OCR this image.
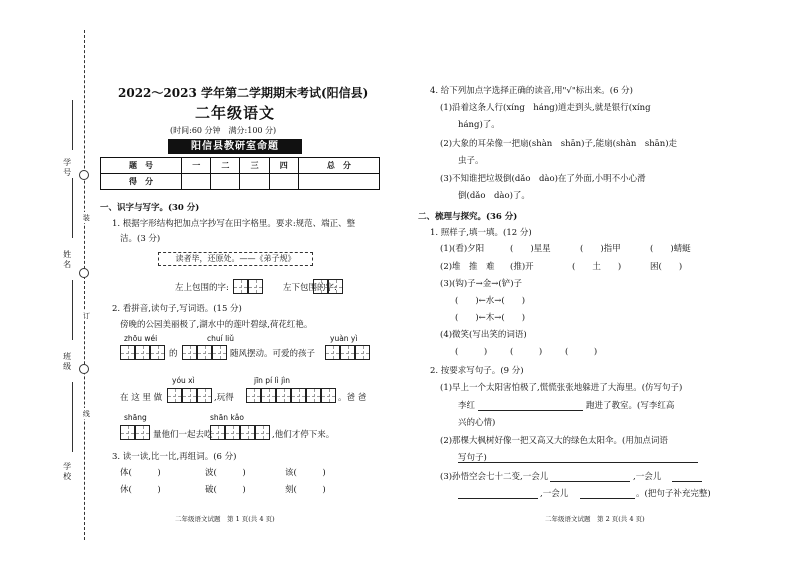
学号
姓名
班级
学校
装
订
线
2022～2023 学年第二学期期末考试(阳信县)
二年级语文
(时间:60 分钟　满分:100 分)
阳信县教研室命题
题　号	一	二	三	四	总　分
得　分					
一、识字与写字。(30 分)
1. 根据字形结构把加点字抄写在田字格里。要求:规范、端正、整
洁。(3 分)
读者毕，还原处。——《弟子规》
左上包围的字:	左下包围的字:
2. 看拼音,读句子,写词语。(15 分)
傍晚的公园美丽极了,湖水中的莲叶碧绿,荷花红艳。
zhōu wéi	chuí liǔ	yuàn yì
的	随风摆动。可爱的孩子
yóu xì	jīn pí lì jìn
在 这 里 做	,玩得	。爸 爸
shāng	shān kǎo
量他们一起去吃	,他们才停下来。
3. 读一读,比一比,再组词。(6 分)
体(　　　)	波(　　　)	该(　　　)
休(　　　)	破(　　　)	刻(　　　)
二年级语文试题　第 1 页(共 4 页)
4. 给下列加点字选择正确的读音,用"√"标出来。(6 分)
(1)沿着这条人行(xíng　háng)道走到头,就是银行(xíng
háng)了。
(2)大象的耳朵像一把扇(shàn　shān)子,能扇(shàn　shān)走
虫子。
(3)不知谁把垃圾倒(dǎo　dào)在了外面,小明不小心滑
倒(dǎo　dào)了。
二、梳理与探究。(36 分)
1. 照样子,填一填。(12 分)
(1)(看)夕阳	(　　)星星	(　　)指甲	(　　)蜻蜓
(2)堆　推　难 (推)开	(　　土　　)	困(　　)
(3)(钩)子→金→(铲)子
(　　)←水→(　　)
(　　)←木→(　　)
(4)微笑(写出笑的词语)
(　　　)	(　　　)	(　　　)
2. 按要求写句子。(9 分)
(1)早上一个太阳害怕极了,慌慌张张地躲进了大海里。(仿写句子)
李红	跑进了教室。(写李红高
兴的心情)
(2)那棵大枫树好像一把又高又大的绿色太阳伞。(用加点词语
写句子)
(3)孙悟空会七十二变,一会儿	,一会儿
,一会儿	。(把句子补充完整)
二年级语文试题　第 2 页(共 4 页)
